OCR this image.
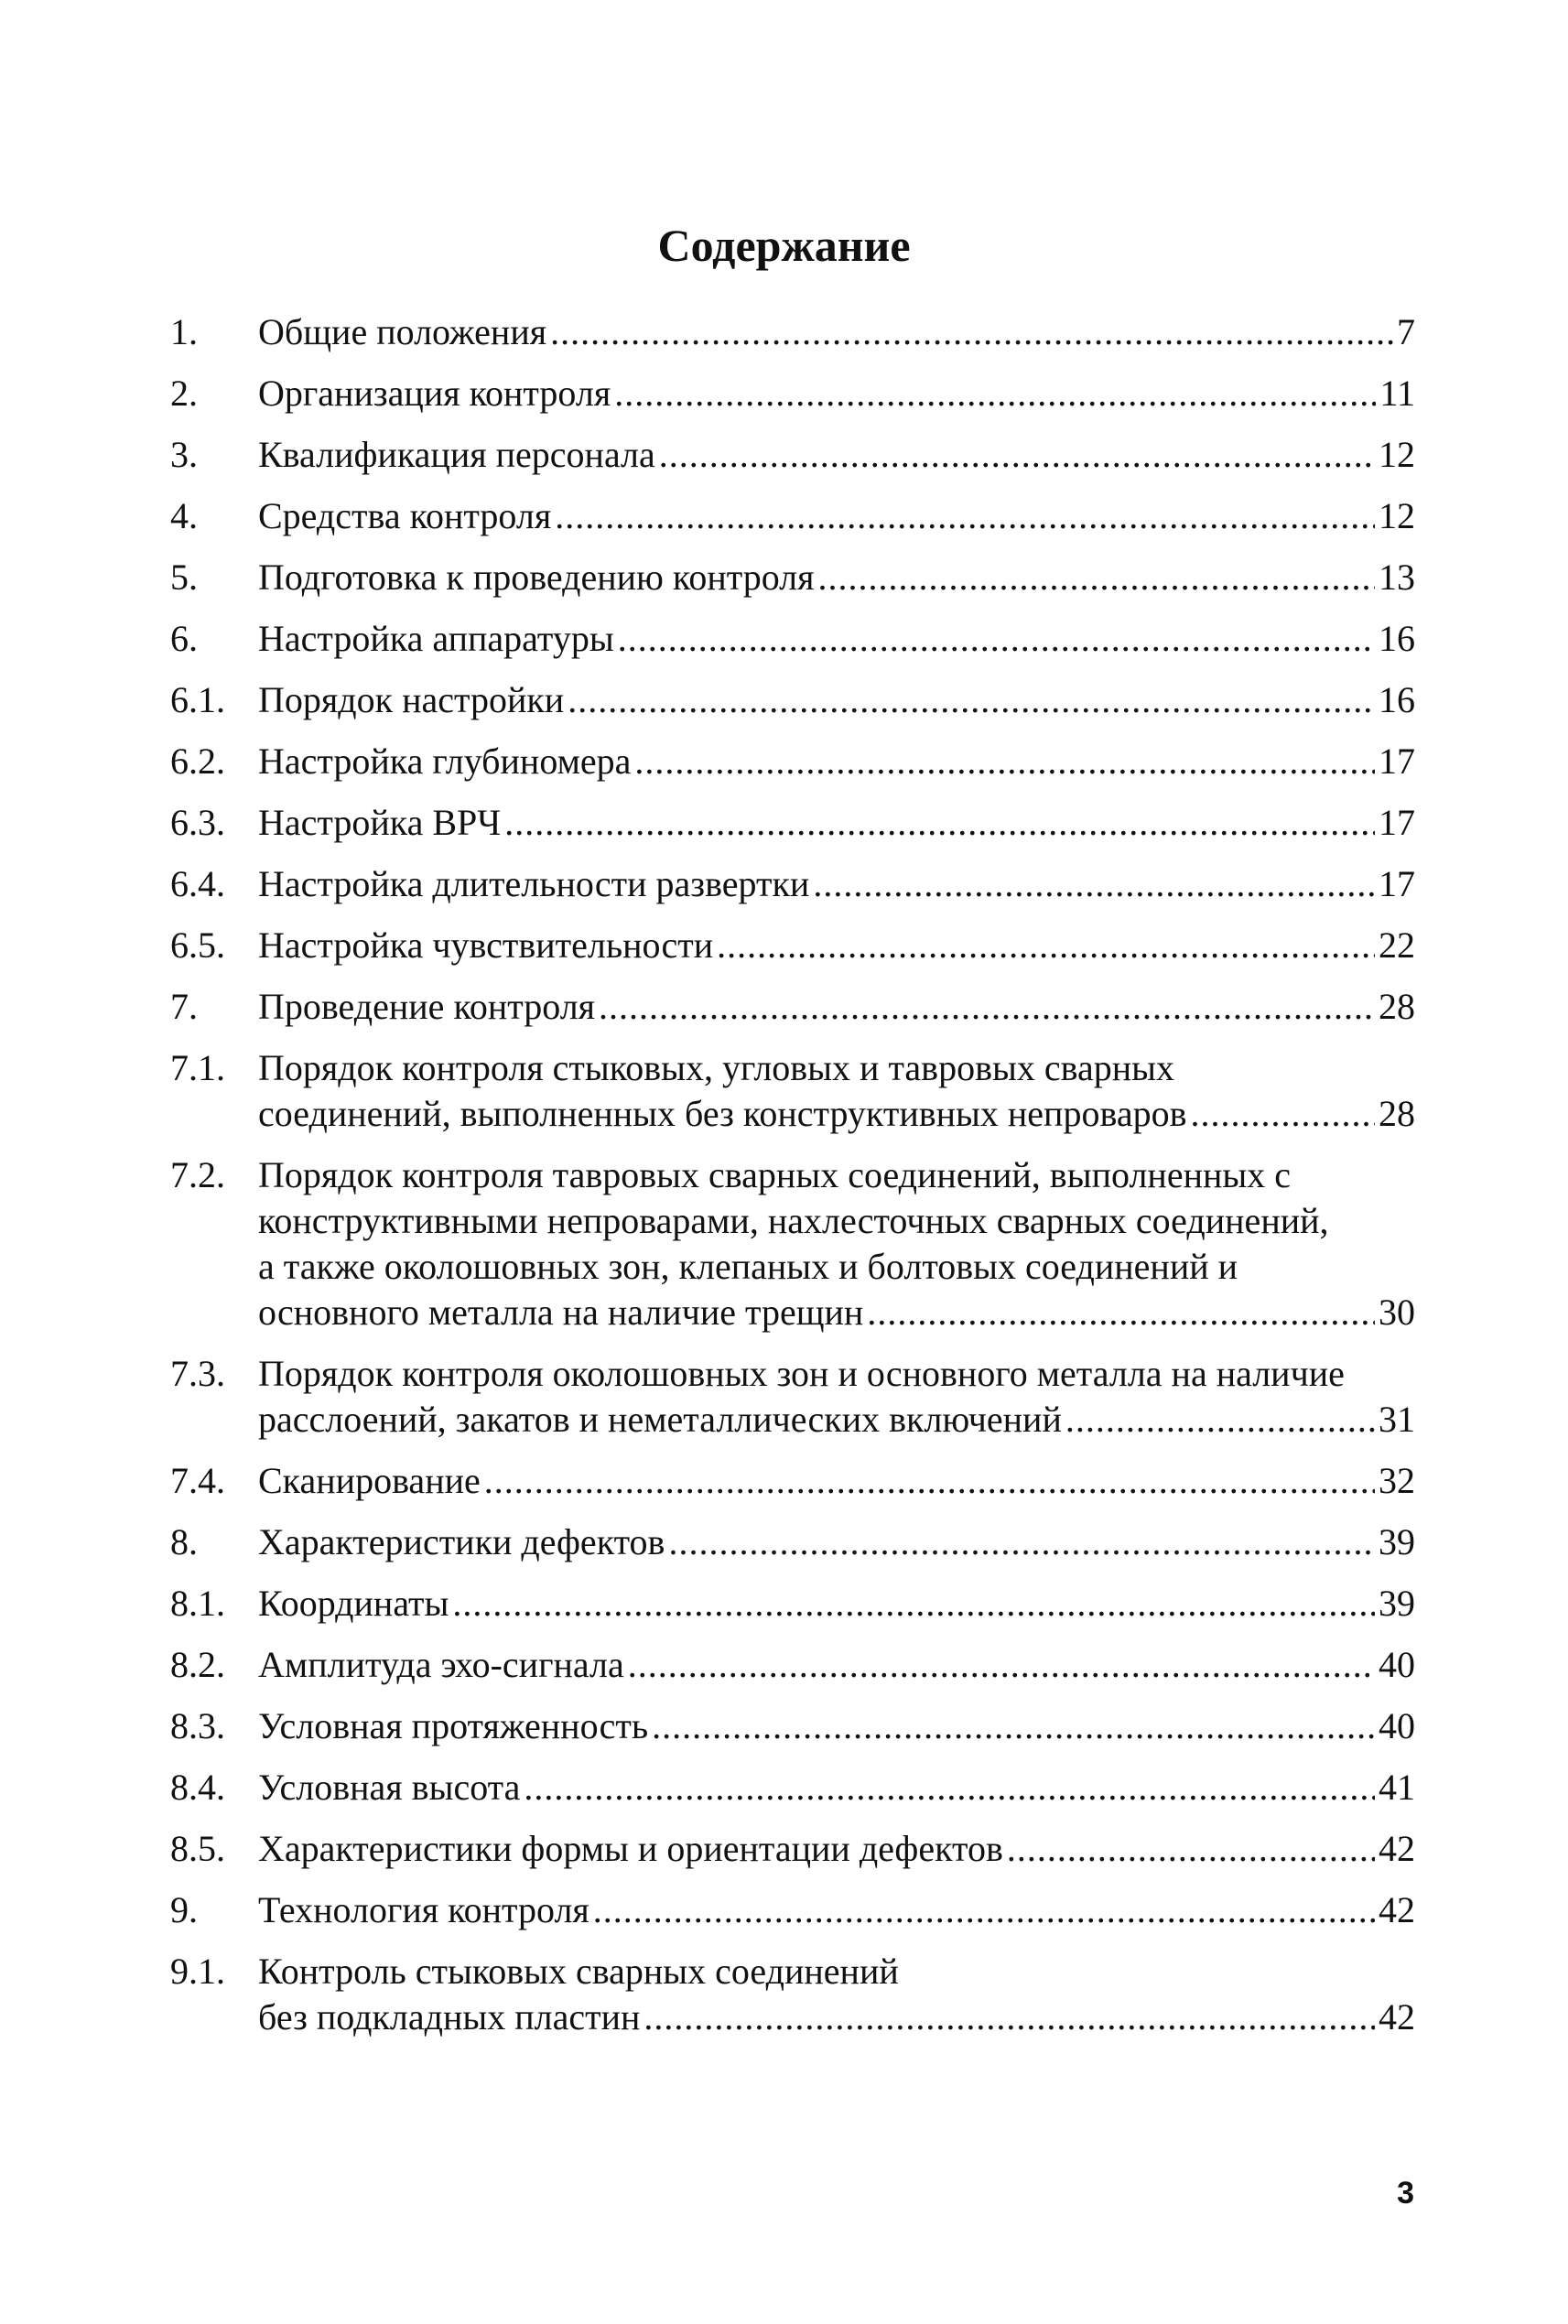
Содержание
1.	Общие положения .....	7
2.	Организация контроля .....	11
3.	Квалификация персонала .....	12
4.	Средства контроля .....	12
5.	Подготовка к проведению контроля .....	13
6.	Настройка аппаратуры .....	16
6.1. Порядок настройки .....	16
6.2. Настройка глубиномера .....	17
6.3. Настройка ВРЧ .....	17
6.4. Настройка длительности развертки .....	17
6.5. Настройка чувствительности .....	22
7.	Проведение контроля .....	28
7.1. Порядок контроля стыковых, угловых и тавровых сварных
соединений, выполненных без конструктивных непроваров .....	28
7.2. Порядок контроля тавровых сварных соединений, выполненных с
конструктивными непроварами, нахлесточных сварных соединений,
а также околошовных зон, клепаных и болтовых соединений и
основного металла на наличие трещин .....	30
7.3. Порядок контроля околошовных зон и основного металла на наличие
расслоений, закатов и неметаллических включений .....	31
7.4. Сканирование .....	32
8.	Характеристики дефектов .....	39
8.1. Координаты .....	39
8.2. Амплитуда эхо-сигнала .....	40
8.3. Условная протяженность .....	40
8.4. Условная высота .....	41
8.5. Характеристики формы и ориентации дефектов .....	42
9.	Технология контроля .....	42
9.1. Контроль стыковых сварных соединений
без подкладных пластин .....	42
3
